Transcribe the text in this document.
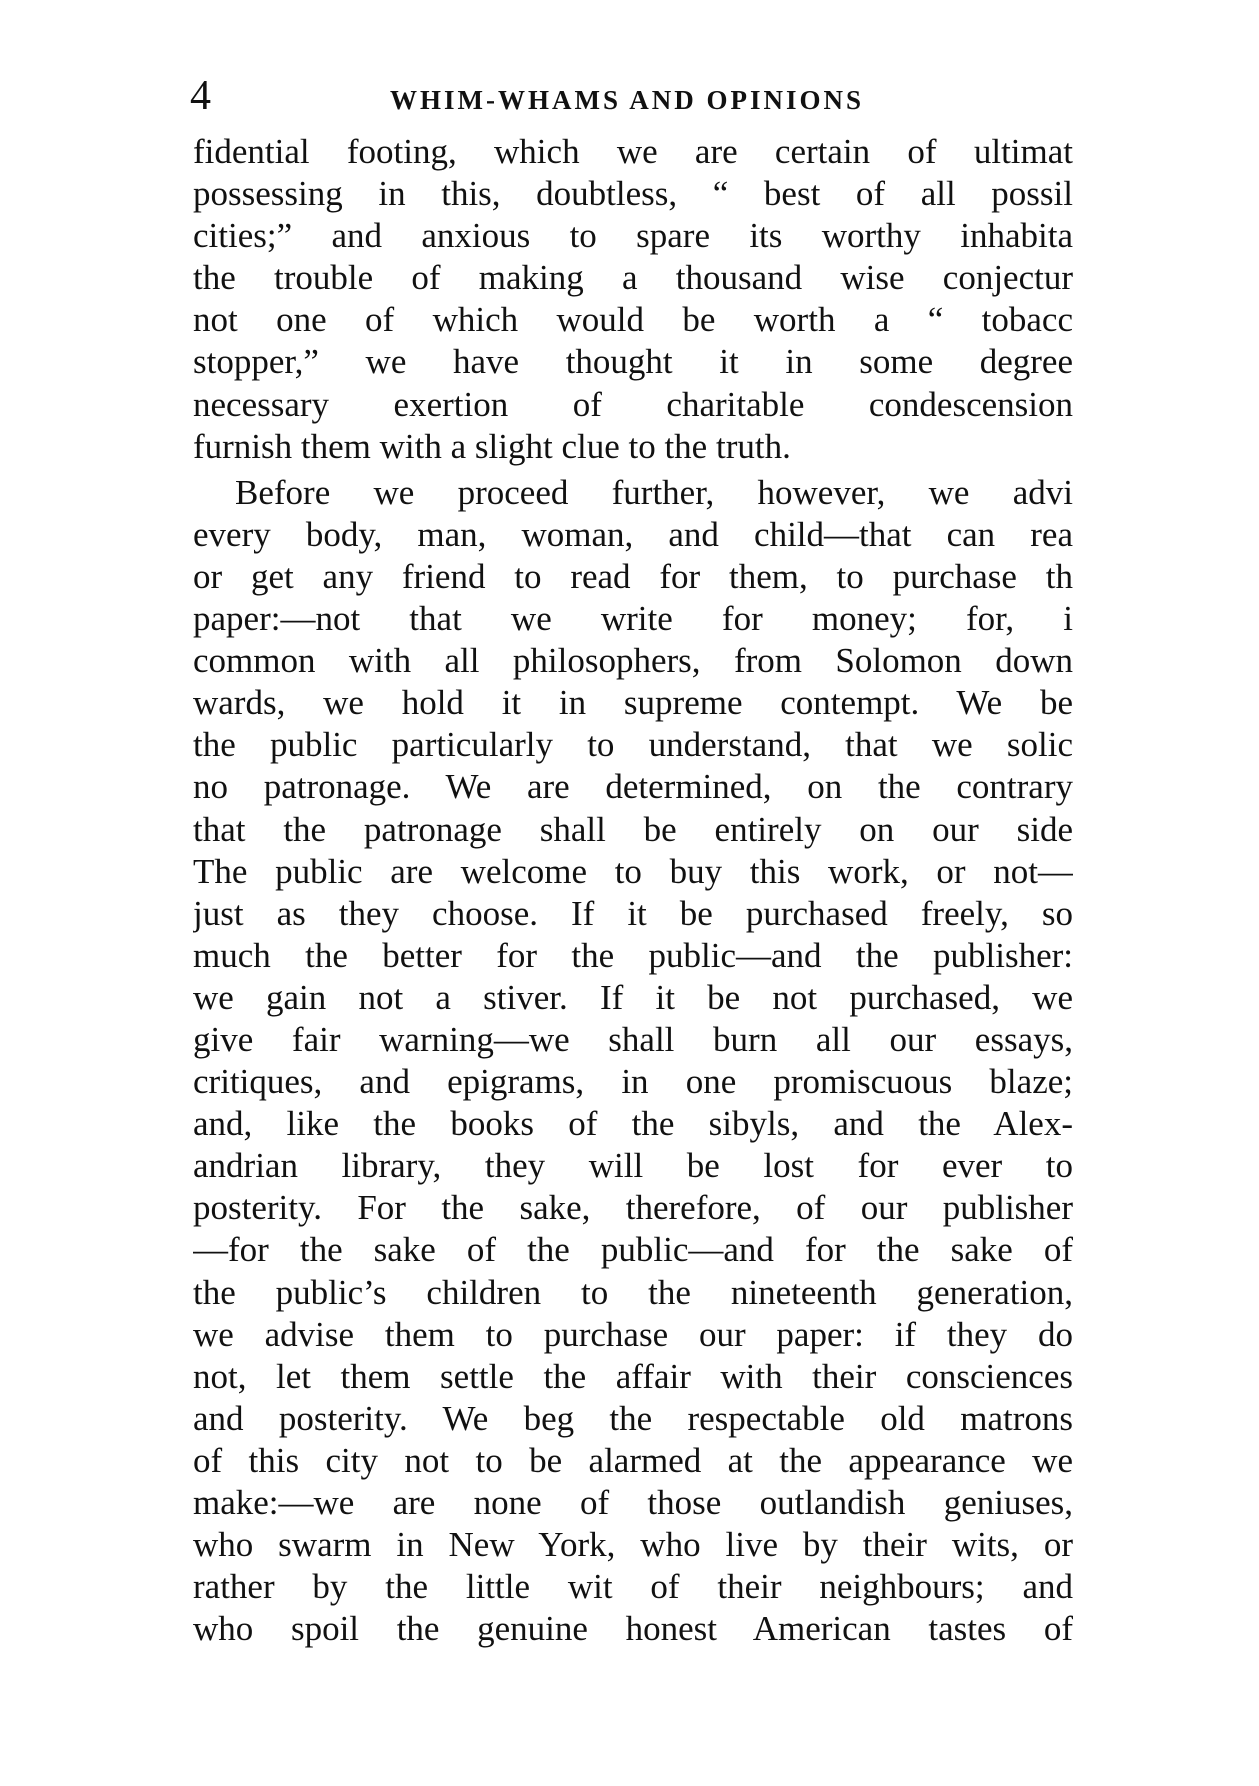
4	WHIM-WHAMS AND OPINIONS
fidential footing, which we are certain of ultimat
possessing in this, doubtless, “ best of all possil
cities;” and anxious to spare its worthy inhabita
the trouble of making a thousand wise conjectur
not one of which would be worth a “ tobacc
stopper,” we have thought it in some degree
necessary exertion of charitable condescension
furnish them with a slight clue to the truth.
Before we proceed further, however, we advi
every body, man, woman, and child—that can rea
or get any friend to read for them, to purchase th
paper:—not that we write for money; for, i
common with all philosophers, from Solomon down
wards, we hold it in supreme contempt. We be
the public particularly to understand, that we solic
no patronage. We are determined, on the contrary
that the patronage shall be entirely on our side
The public are welcome to buy this work, or not—
just as they choose. If it be purchased freely, so
much the better for the public—and the publisher:
we gain not a stiver. If it be not purchased, we
give fair warning—we shall burn all our essays,
critiques, and epigrams, in one promiscuous blaze;
and, like the books of the sibyls, and the Alex-
andrian library, they will be lost for ever to
posterity. For the sake, therefore, of our publisher
—for the sake of the public—and for the sake of
the public’s children to the nineteenth generation,
we advise them to purchase our paper: if they do
not, let them settle the affair with their consciences
and posterity. We beg the respectable old matrons
of this city not to be alarmed at the appearance we
make:—we are none of those outlandish geniuses,
who swarm in New York, who live by their wits, or
rather by the little wit of their neighbours; and
who spoil the genuine honest American tastes of
